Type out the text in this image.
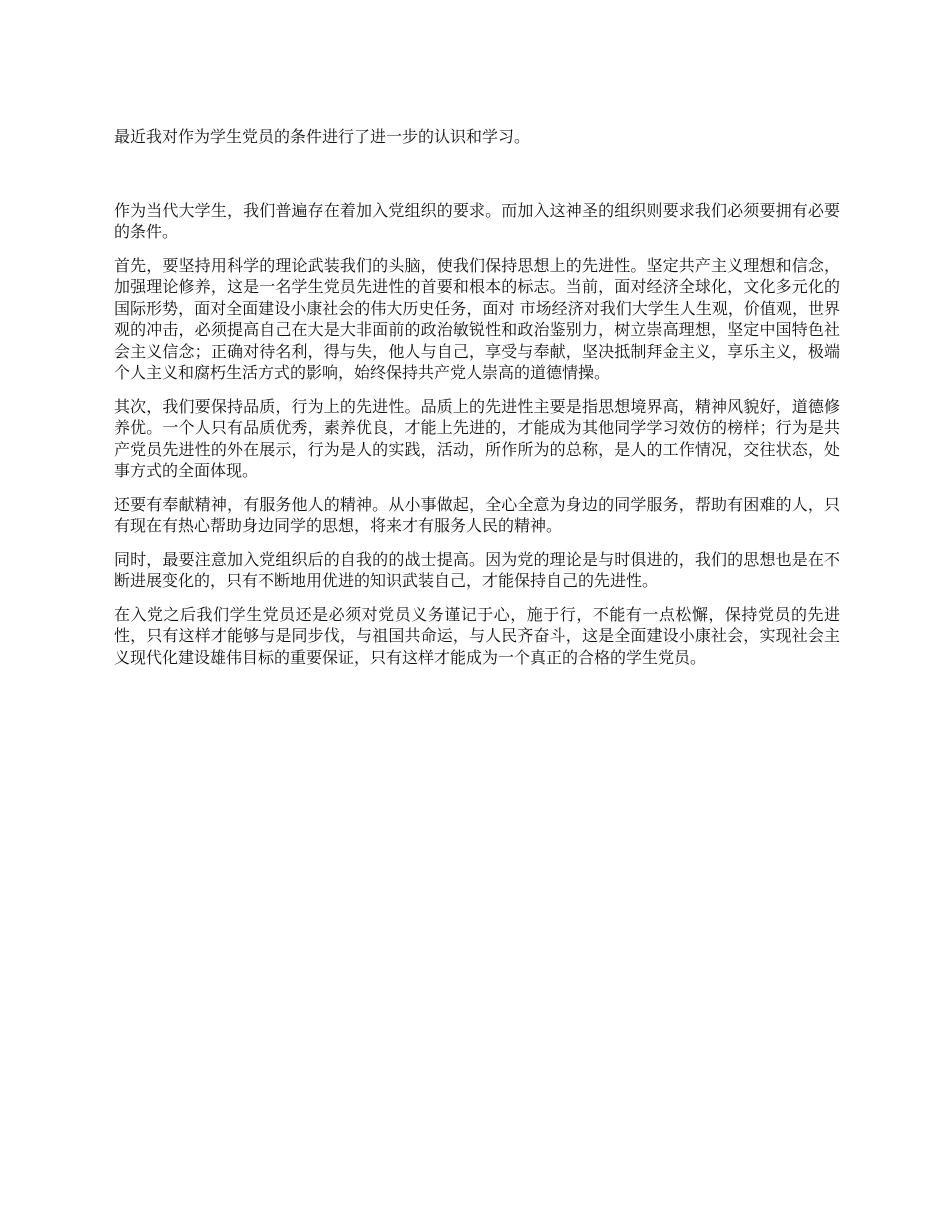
最近我对作为学生党员的条件进行了进一步的认识和学习。

作为当代大学生，我们普遍存在着加入党组织的要求。而加入这神圣的组织则要求我们必须要拥有必要的条件。

首先，要坚持用科学的理论武装我们的头脑，使我们保持思想上的先进性。坚定共产主义理想和信念，加强理论修养，这是一名学生党员先进性的首要和根本的标志。当前，面对经济全球化，文化多元化的国际形势，面对全面建设小康社会的伟大历史任务，面对 市场经济对我们大学生人生观，价值观，世界观的冲击，必须提高自己在大是大非面前的政治敏锐性和政治鉴别力，树立崇高理想，坚定中国特色社会主义信念；正确对待名利，得与失，他人与自己，享受与奉献，坚决抵制拜金主义，享乐主义，极端个人主义和腐朽生活方式的影响，始终保持共产党人崇高的道德情操。

其次，我们要保持品质，行为上的先进性。品质上的先进性主要是指思想境界高，精神风貌好，道德修养优。一个人只有品质优秀，素养优良，才能上先进的，才能成为其他同学学习效仿的榜样；行为是共产党员先进性的外在展示，行为是人的实践，活动，所作所为的总称，是人的工作情况，交往状态，处事方式的全面体现。

还要有奉献精神，有服务他人的精神。从小事做起，全心全意为身边的同学服务，帮助有困难的人，只有现在有热心帮助身边同学的思想，将来才有服务人民的精神。

同时，最要注意加入党组织后的自我的的战士提高。因为党的理论是与时俱进的，我们的思想也是在不断进展变化的，只有不断地用优进的知识武装自己，才能保持自己的先进性。

在入党之后我们学生党员还是必须对党员义务谨记于心，施于行，不能有一点松懈，保持党员的先进性，只有这样才能够与是同步伐，与祖国共命运，与人民齐奋斗，这是全面建设小康社会，实现社会主义现代化建设雄伟目标的重要保证，只有这样才能成为一个真正的合格的学生党员。
